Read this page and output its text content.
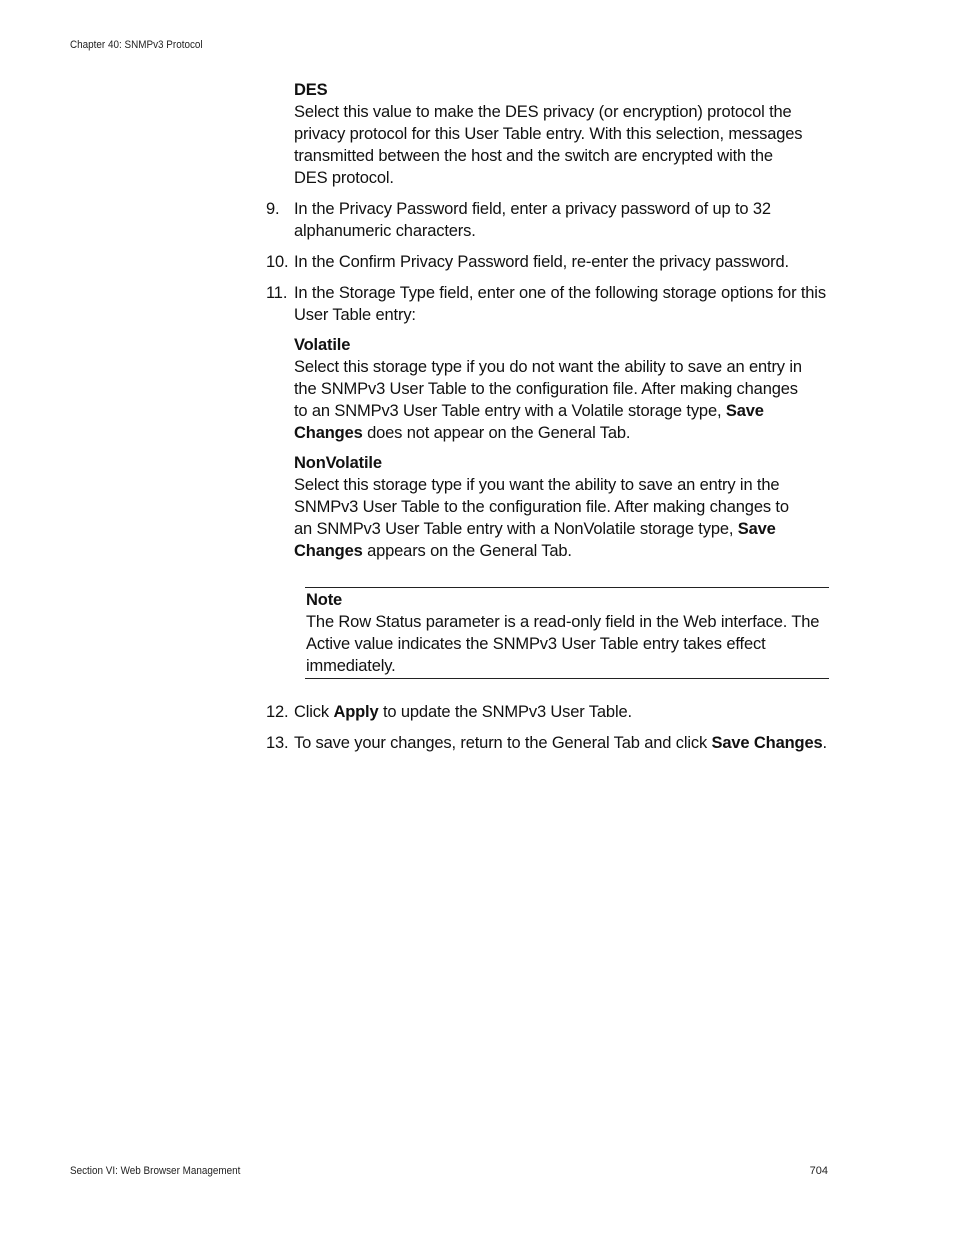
Chapter 40: SNMPv3 Protocol
DES
Select this value to make the DES privacy (or encryption) protocol the privacy protocol for this User Table entry. With this selection, messages transmitted between the host and the switch are encrypted with the DES protocol.
9. In the Privacy Password field, enter a privacy password of up to 32 alphanumeric characters.
10. In the Confirm Privacy Password field, re-enter the privacy password.
11. In the Storage Type field, enter one of the following storage options for this User Table entry:
Volatile
Select this storage type if you do not want the ability to save an entry in the SNMPv3 User Table to the configuration file. After making changes to an SNMPv3 User Table entry with a Volatile storage type, Save Changes does not appear on the General Tab.
NonVolatile
Select this storage type if you want the ability to save an entry in the SNMPv3 User Table to the configuration file. After making changes to an SNMPv3 User Table entry with a NonVolatile storage type, Save Changes appears on the General Tab.
Note
The Row Status parameter is a read-only field in the Web interface. The Active value indicates the SNMPv3 User Table entry takes effect immediately.
12. Click Apply to update the SNMPv3 User Table.
13. To save your changes, return to the General Tab and click Save Changes.
Section VI: Web Browser Management	704
